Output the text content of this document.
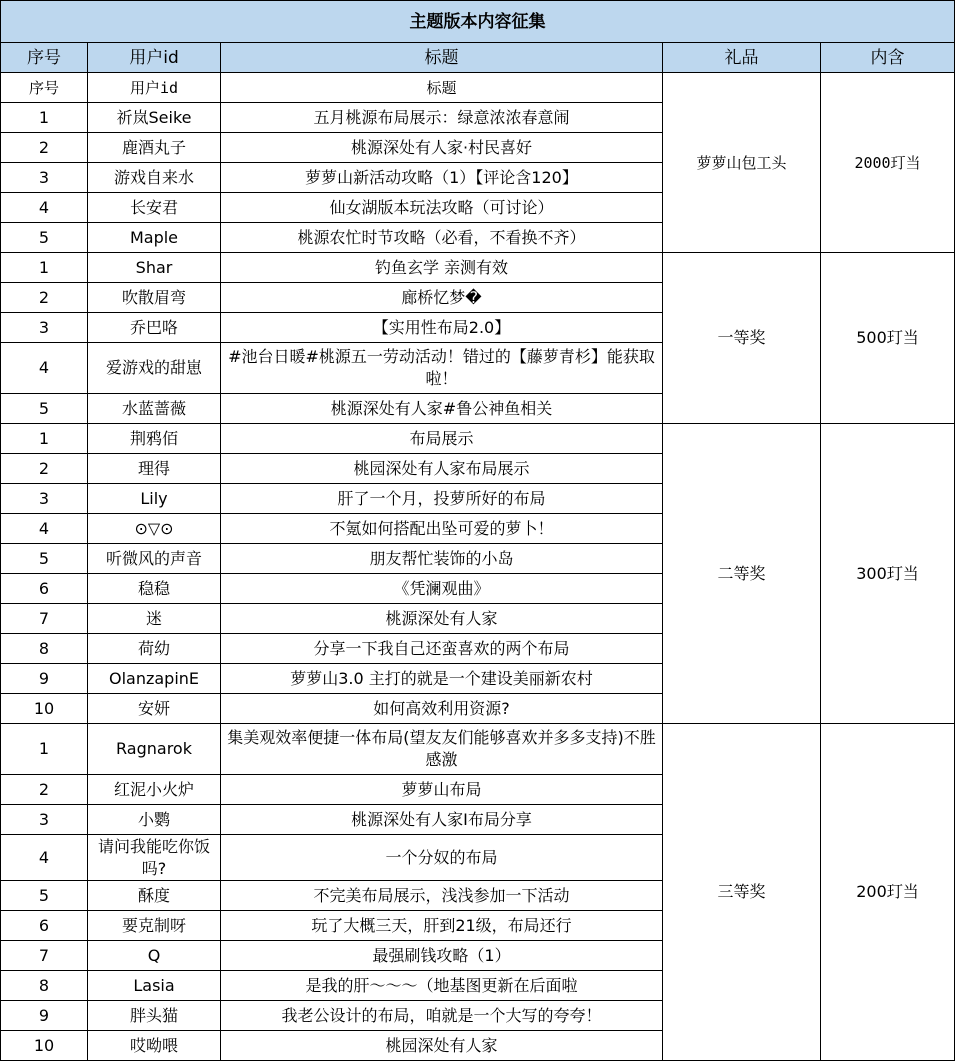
主题版本内容征集				
序号	用户id	标题	礼品	内含
序号	用户id	标题	萝萝山包工头	2000玎当
1	祈岚Seike	五月桃源布局展示：绿意浓浓春意闹		
2	鹿酒丸子	桃源深处有人家·村民喜好		
3	游戏自来水	萝萝山新活动攻略（1）【评论含120】		
4	长安君	仙女湖版本玩法攻略（可讨论）		
5	Maple	桃源农忙时节攻略（必看，不看换不齐）		
1	Shar	钓鱼玄学 亲测有效	一等奖	500玎当
2	吹散眉弯	廊桥忆梦�		
3	乔巴咯	【实用性布局2.0】		
4	爱游戏的甜崽	#池台日暖#桃源五一劳动活动！错过的【藤萝青杉】能获取啦！		
5	水蓝蔷薇	桃源深处有人家#鲁公神鱼相关		
1	荆鸦佰	布局展示	二等奖	300玎当
2	理得	桃园深处有人家布局展示		
3	Lily	肝了一个月，投萝所好的布局		
4	⊙▽⊙	不氪如何搭配出坠可爱的萝卜！		
5	听微风的声音	朋友帮忙装饰的小岛		
6	稳稳	《凭澜观曲》		
7	迷	桃源深处有人家		
8	荷幼	分享一下我自己还蛮喜欢的两个布局		
9	OlanzapinE	萝萝山3.0 主打的就是一个建设美丽新农村		
10	安妍	如何高效利用资源?		
1	Ragnarok	集美观效率便捷一体布局(望友友们能够喜欢并多多支持)不胜感激	三等奖	200玎当
2	红泥小火炉	萝萝山布局		
3	小鹦	桃源深处有人家Ⅰ布局分享		
4	请问我能吃你饭吗?	一个分奴的布局		
5	酥度	不完美布局展示，浅浅参加一下活动		
6	要克制呀	玩了大概三天，肝到21级，布局还行		
7	Q	最强刷钱攻略（1）		
8	Lasia	是我的肝～～～（地基图更新在后面啦		
9	胖头猫	我老公设计的布局，咱就是一个大写的夸夸！		
10	哎呦喂	桃园深处有人家		
